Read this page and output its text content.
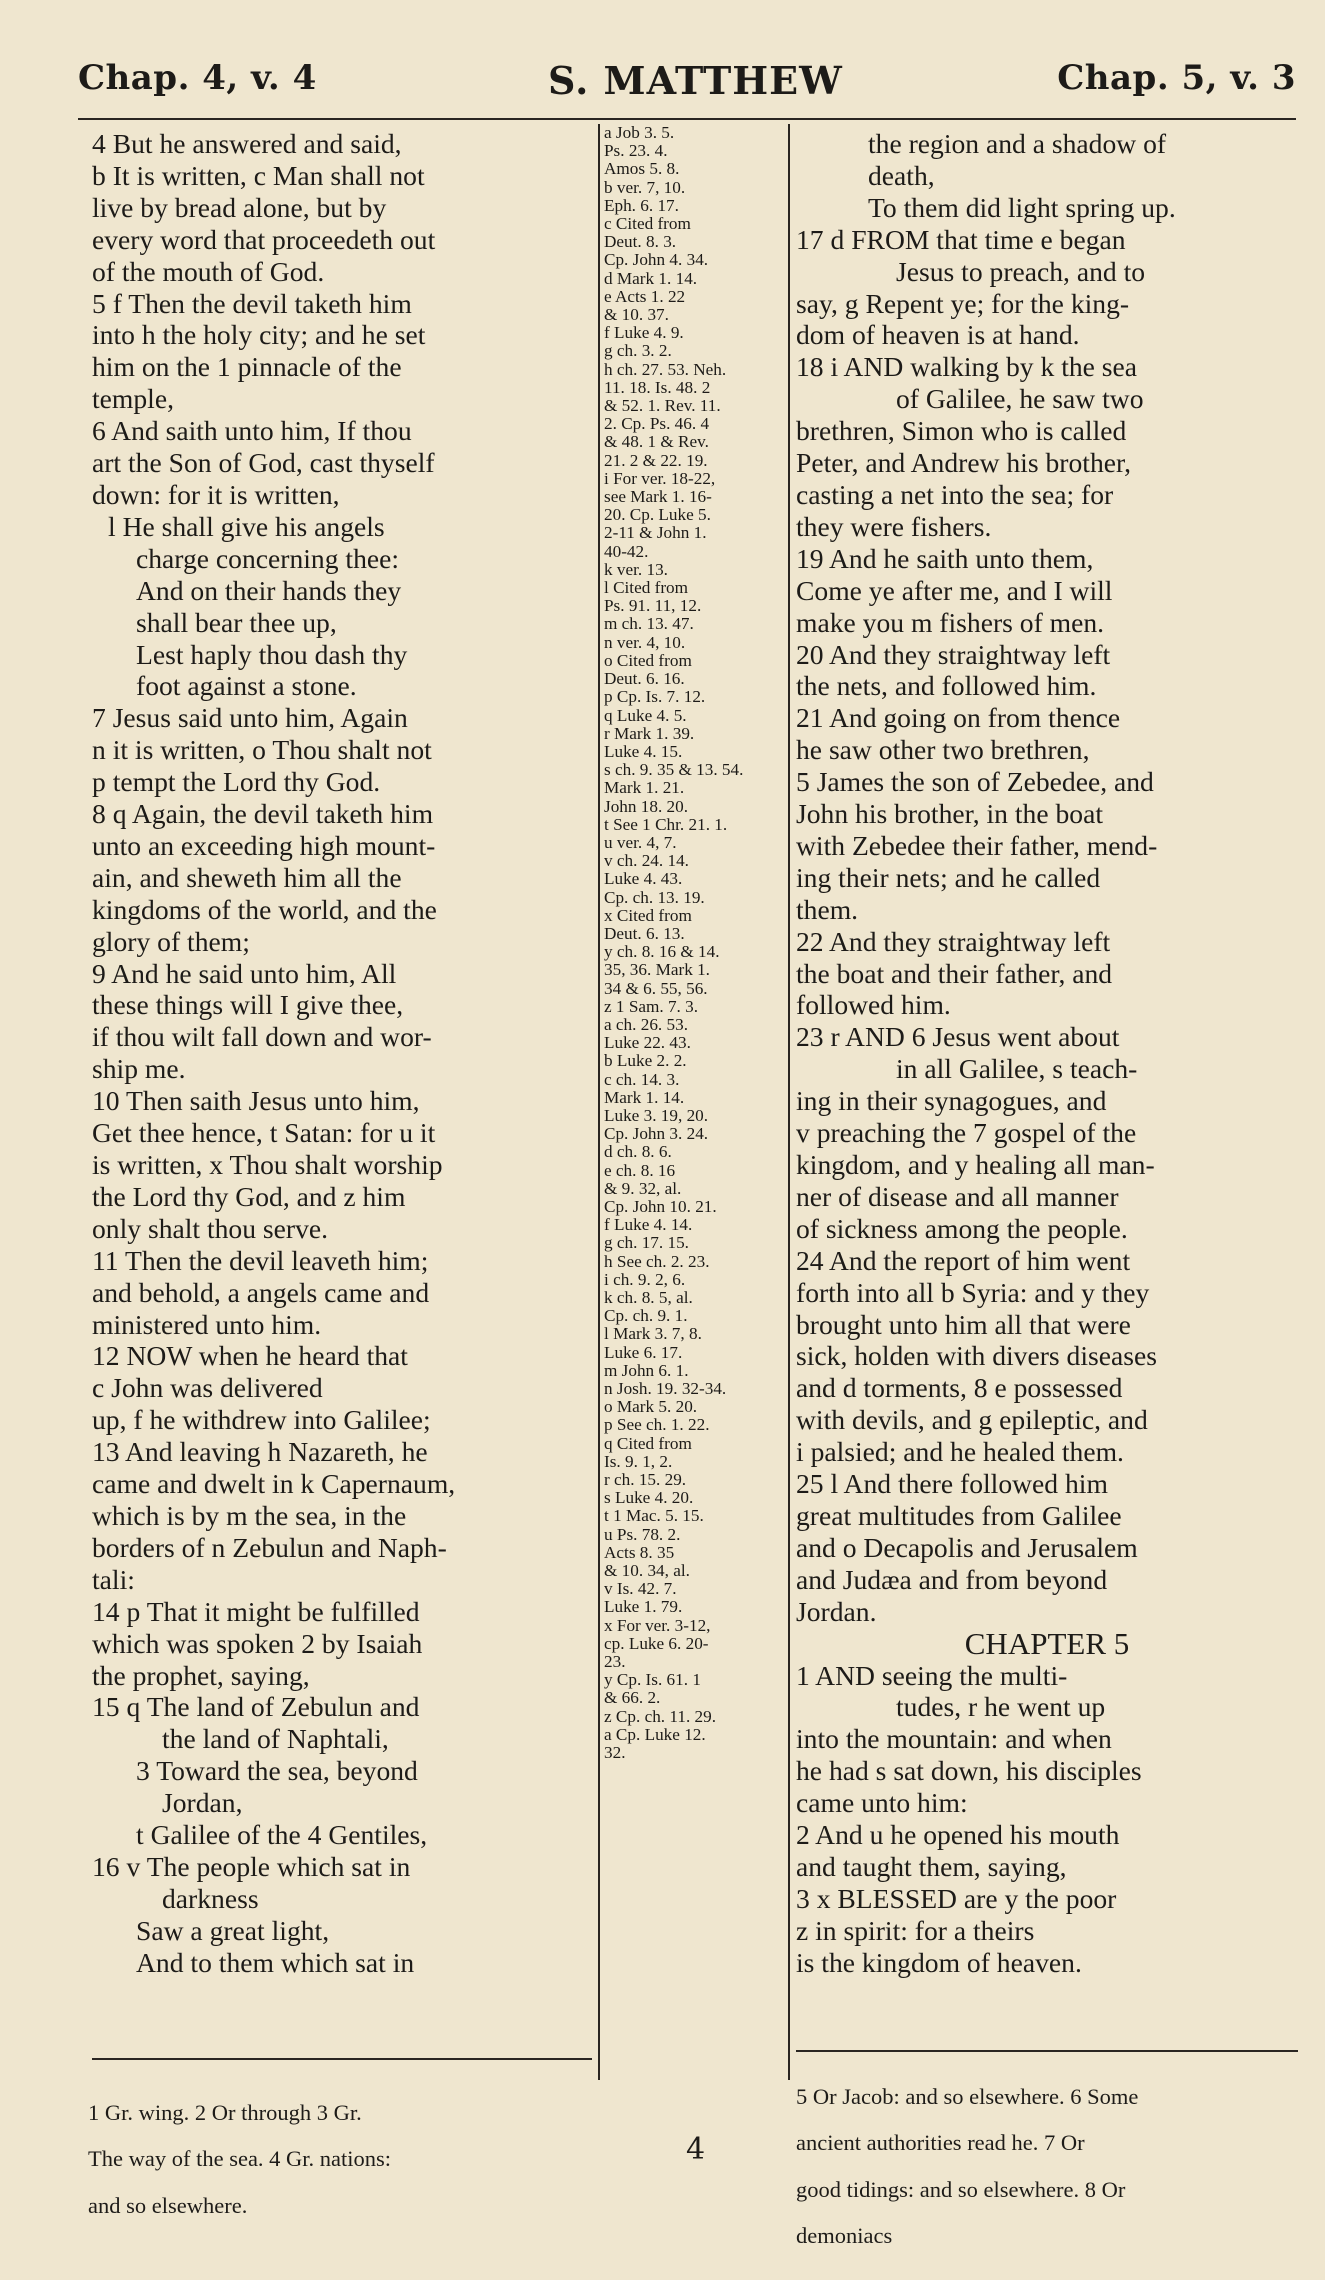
Chap. 4, v. 4	S. MATTHEW	Chap. 5, v. 3

4 But he answered and said,

b It is written, c Man shall not

live by bread alone, but by

every word that proceedeth out

of the mouth of God.

5 f Then the devil taketh him

into h the holy city; and he set

him on the 1 pinnacle of the

temple,

6 And saith unto him, If thou

art the Son of God, cast thyself

down: for it is written,

l He shall give his angels

charge concerning thee:

And on their hands they

shall bear thee up,

Lest haply thou dash thy

foot against a stone.

7 Jesus said unto him, Again

n it is written, o Thou shalt not

p tempt the Lord thy God.

8 q Again, the devil taketh him

unto an exceeding high mount-

ain, and sheweth him all the

kingdoms of the world, and the

glory of them;

9 And he said unto him, All

these things will I give thee,

if thou wilt fall down and wor-

ship me.

10 Then saith Jesus unto him,

Get thee hence, t Satan: for u it

is written, x Thou shalt worship

the Lord thy God, and z him

only shalt thou serve.

11 Then the devil leaveth him;

and behold, a angels came and

ministered unto him.

12 NOW when he heard that

c John was delivered

up, f he withdrew into Galilee;

13 And leaving h Nazareth, he

came and dwelt in k Capernaum,

which is by m the sea, in the

borders of n Zebulun and Naph-

tali:

14 p That it might be fulfilled

which was spoken 2 by Isaiah

the prophet, saying,

15 q The land of Zebulun and

the land of Naphtali,

3 Toward the sea, beyond

Jordan,

t Galilee of the 4 Gentiles,

16 v The people which sat in

darkness

Saw a great light,

And to them which sat in

a Job 3. 5.

Ps. 23. 4.

Amos 5. 8.

b ver. 7, 10.

Eph. 6. 17.

c Cited from

Deut. 8. 3.

Cp. John 4. 34.

d Mark 1. 14.

e Acts 1. 22

& 10. 37.

f Luke 4. 9.

g ch. 3. 2.

h ch. 27. 53. Neh.

11. 18. Is. 48. 2

& 52. 1. Rev. 11.

2. Cp. Ps. 46. 4

& 48. 1 & Rev.

21. 2 & 22. 19.

i For ver. 18-22,

see Mark 1. 16-

20. Cp. Luke 5.

2-11 & John 1.

40-42.

k ver. 13.

l Cited from

Ps. 91. 11, 12.

m ch. 13. 47.

n ver. 4, 10.

o Cited from

Deut. 6. 16.

p Cp. Is. 7. 12.

q Luke 4. 5.

r Mark 1. 39.

Luke 4. 15.

s ch. 9. 35 & 13. 54.

Mark 1. 21.

John 18. 20.

t See 1 Chr. 21. 1.

u ver. 4, 7.

v ch. 24. 14.

Luke 4. 43.

Cp. ch. 13. 19.

x Cited from

Deut. 6. 13.

y ch. 8. 16 & 14.

35, 36. Mark 1.

34 & 6. 55, 56.

z 1 Sam. 7. 3.

a ch. 26. 53.

Luke 22. 43.

b Luke 2. 2.

c ch. 14. 3.

Mark 1. 14.

Luke 3. 19, 20.

Cp. John 3. 24.

d ch. 8. 6.

e ch. 8. 16

& 9. 32, al.

Cp. John 10. 21.

f Luke 4. 14.

g ch. 17. 15.

h See ch. 2. 23.

i ch. 9. 2, 6.

k ch. 8. 5, al.

Cp. ch. 9. 1.

l Mark 3. 7, 8.

Luke 6. 17.

m John 6. 1.

n Josh. 19. 32-34.

o Mark 5. 20.

p See ch. 1. 22.

q Cited from

Is. 9. 1, 2.

r ch. 15. 29.

s Luke 4. 20.

t 1 Mac. 5. 15.

u Ps. 78. 2.

Acts 8. 35

& 10. 34, al.

v Is. 42. 7.

Luke 1. 79.

x For ver. 3-12,

cp. Luke 6. 20-

23.

y Cp. Is. 61. 1

& 66. 2.

z Cp. ch. 11. 29.

a Cp. Luke 12.

32.

the region and a shadow of

death,

To them did light spring up.

17 d FROM that time e began

Jesus to preach, and to

say, g Repent ye; for the king-

dom of heaven is at hand.

18 i AND walking by k the sea

of Galilee, he saw two

brethren, Simon who is called

Peter, and Andrew his brother,

casting a net into the sea; for

they were fishers.

19 And he saith unto them,

Come ye after me, and I will

make you m fishers of men.

20 And they straightway left

the nets, and followed him.

21 And going on from thence

he saw other two brethren,

5 James the son of Zebedee, and

John his brother, in the boat

with Zebedee their father, mend-

ing their nets; and he called

them.

22 And they straightway left

the boat and their father, and

followed him.

23 r AND 6 Jesus went about

in all Galilee, s teach-

ing in their synagogues, and

v preaching the 7 gospel of the

kingdom, and y healing all man-

ner of disease and all manner

of sickness among the people.

24 And the report of him went

forth into all b Syria: and y they

brought unto him all that were

sick, holden with divers diseases

and d torments, 8 e possessed

with devils, and g epileptic, and

i palsied; and he healed them.

25 l And there followed him

great multitudes from Galilee

and o Decapolis and Jerusalem

and Judæa and from beyond

Jordan.

CHAPTER 5

1 AND seeing the multi-

tudes, r he went up

into the mountain: and when

he had s sat down, his disciples

came unto him:

2 And u he opened his mouth

and taught them, saying,

3 x BLESSED are y the poor

z in spirit: for a theirs

is the kingdom of heaven.

1 Gr. wing. 2 Or through 3 Gr.

The way of the sea. 4 Gr. nations:

and so elsewhere.

5 Or Jacob: and so elsewhere. 6 Some

ancient authorities read he. 7 Or

good tidings: and so elsewhere. 8 Or

demoniacs

4
